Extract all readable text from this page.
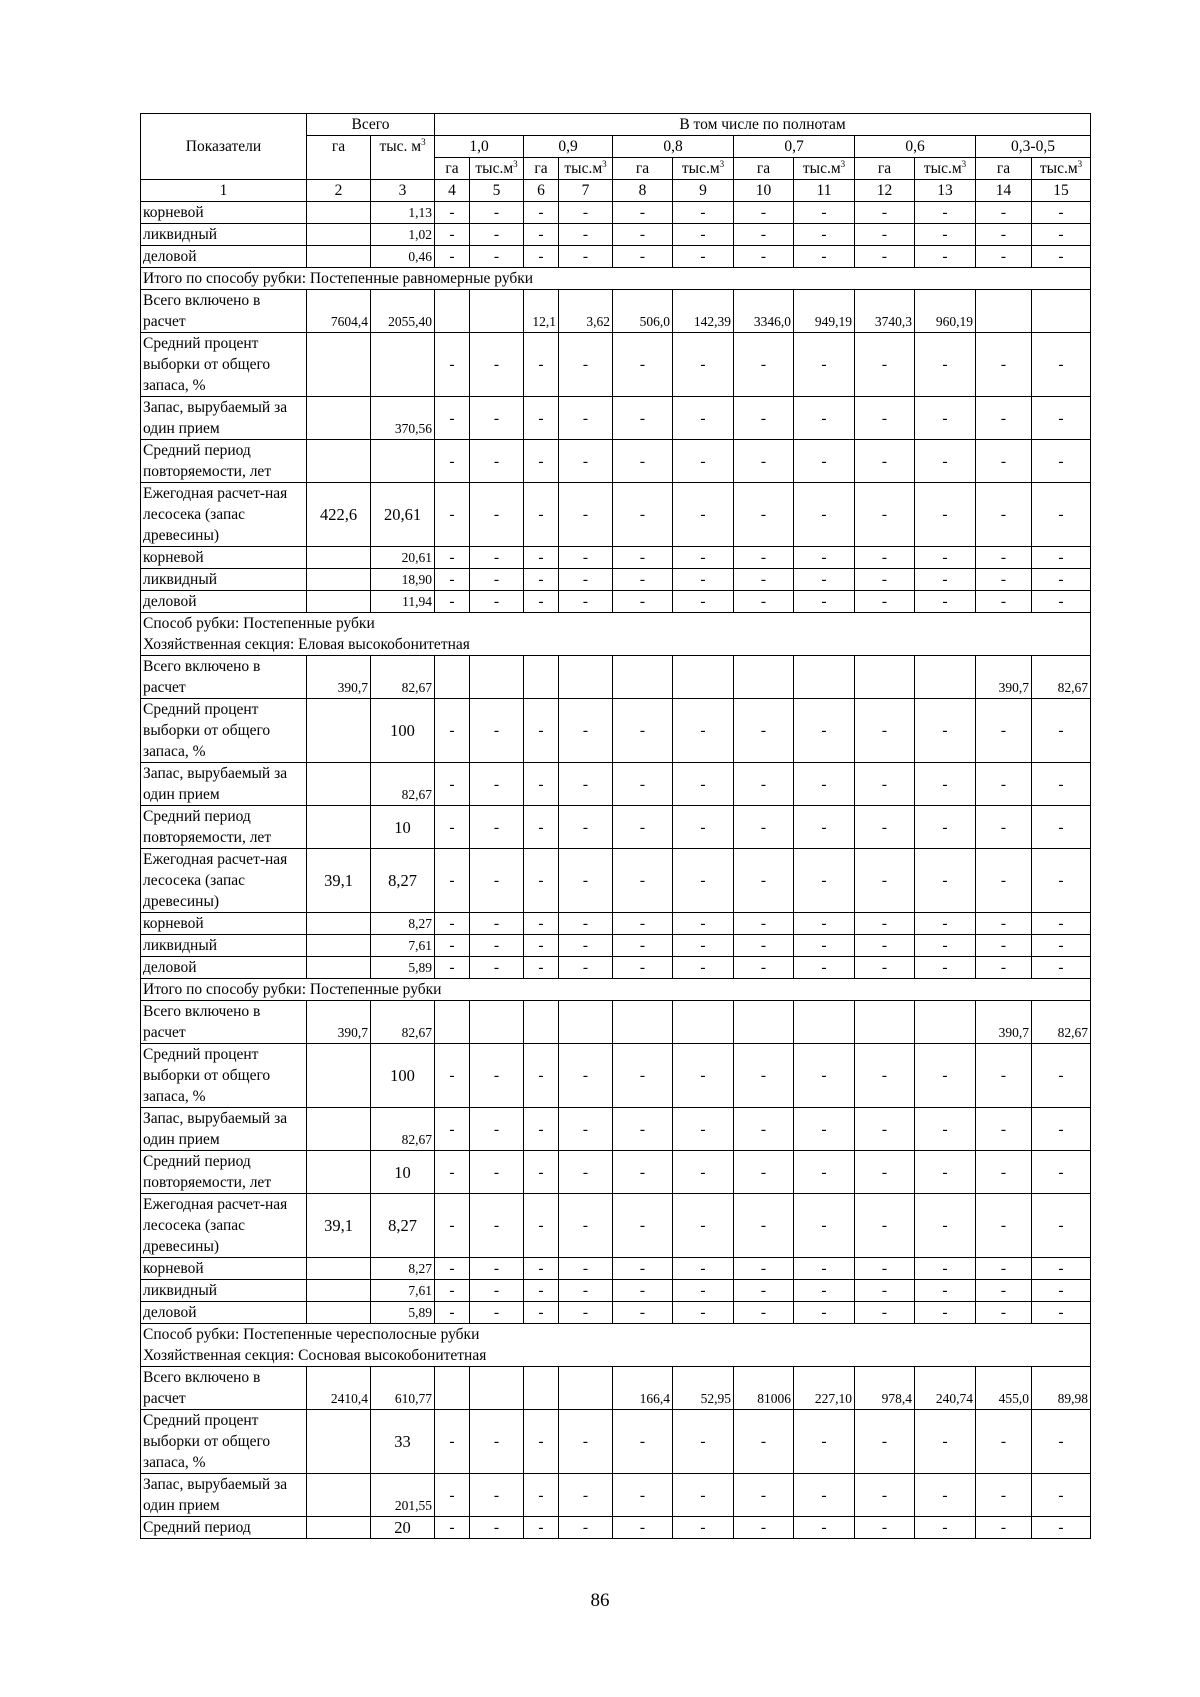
Показатели	Всего		В том числе по полнотам											
	га	тыс. $м^3$	1,0		0,9		0,8		0,7		0,6		0,3-0,5	
			га	$тыс.м^3$	га	$тыс.м^3$	га	$тыс.м^3$	га	$тыс.м^3$	га	$тыс.м^3$	га	$тыс.м^3$
1	2	3	4	5	6	7	8	9	10	11	12	13	14	15
корневой		1,13	-	-	-	-	-	-	-	-	-	-	-	-
ликвидный		1,02	-	-	-	-	-	-	-	-	-	-	-	-
деловой		0,46	-	-	-	-	-	-	-	-	-	-	-	-

Итого по способу рубки: Постепенные равномерные рубки														

Всего включено в расчет	7604,4	2055,40			12,1	3,62	506,0	142,39	3346,0	949,19	3740,3	960,19		
Средний процент выборки от общего запаса, %			-	-	-	-	-	-	-	-	-	-	-	-
Запас, вырубаемый за один прием		370,56	-	-	-	-	-	-	-	-	-	-	-	-
Средний период повторяемости, лет			-	-	-	-	-	-	-	-	-	-	-	-
Ежегодная расчет-ная лесосека (запас древесины)	422,6	20,61	-	-	-	-	-	-	-	-	-	-	-	-
корневой		20,61	-	-	-	-	-	-	-	-	-	-	-	-
ликвидный		18,90	-	-	-	-	-	-	-	-	-	-	-	-
деловой		11,94	-	-	-	-	-	-	-	-	-	-	-	-

Способ рубки: Постепенные рубки
Хозяйственная секция: Еловая высокобонитетная														

Всего включено в расчет	390,7	82,67											390,7	82,67
Средний процент выборки от общего запаса, %		100	-	-	-	-	-	-	-	-	-	-	-	-
Запас, вырубаемый за один прием		82,67	-	-	-	-	-	-	-	-	-	-	-	-
Средний период повторяемости, лет		10	-	-	-	-	-	-	-	-	-	-	-	-
Ежегодная расчет-ная лесосека (запас древесины)	39,1	8,27	-	-	-	-	-	-	-	-	-	-	-	-
корневой		8,27	-	-	-	-	-	-	-	-	-	-	-	-
ликвидный		7,61	-	-	-	-	-	-	-	-	-	-	-	-
деловой		5,89	-	-	-	-	-	-	-	-	-	-	-	-

Итого по способу рубки: Постепенные рубки														

Всего включено в расчет	390,7	82,67											390,7	82,67
Средний процент выборки от общего запаса, %		100	-	-	-	-	-	-	-	-	-	-	-	-
Запас, вырубаемый за один прием		82,67	-	-	-	-	-	-	-	-	-	-	-	-
Средний период повторяемости, лет		10	-	-	-	-	-	-	-	-	-	-	-	-
Ежегодная расчет-ная лесосека (запас древесины)	39,1	8,27	-	-	-	-	-	-	-	-	-	-	-	-
корневой		8,27	-	-	-	-	-	-	-	-	-	-	-	-
ликвидный		7,61	-	-	-	-	-	-	-	-	-	-	-	-
деловой		5,89	-	-	-	-	-	-	-	-	-	-	-	-

Способ рубки: Постепенные чересполосные рубки
Хозяйственная секция: Сосновая высокобонитетная														

Всего включено в расчет	2410,4	610,77					166,4	52,95	81006	227,10	978,4	240,74	455,0	89,98
Средний процент выборки от общего запаса, %		33	-	-	-	-	-	-	-	-	-	-	-	-
Запас, вырубаемый за один прием		201,55	-	-	-	-	-	-	-	-	-	-	-	-
Средний период		20	-	-	-	-	-	-	-	-	-	-	-	-
86
